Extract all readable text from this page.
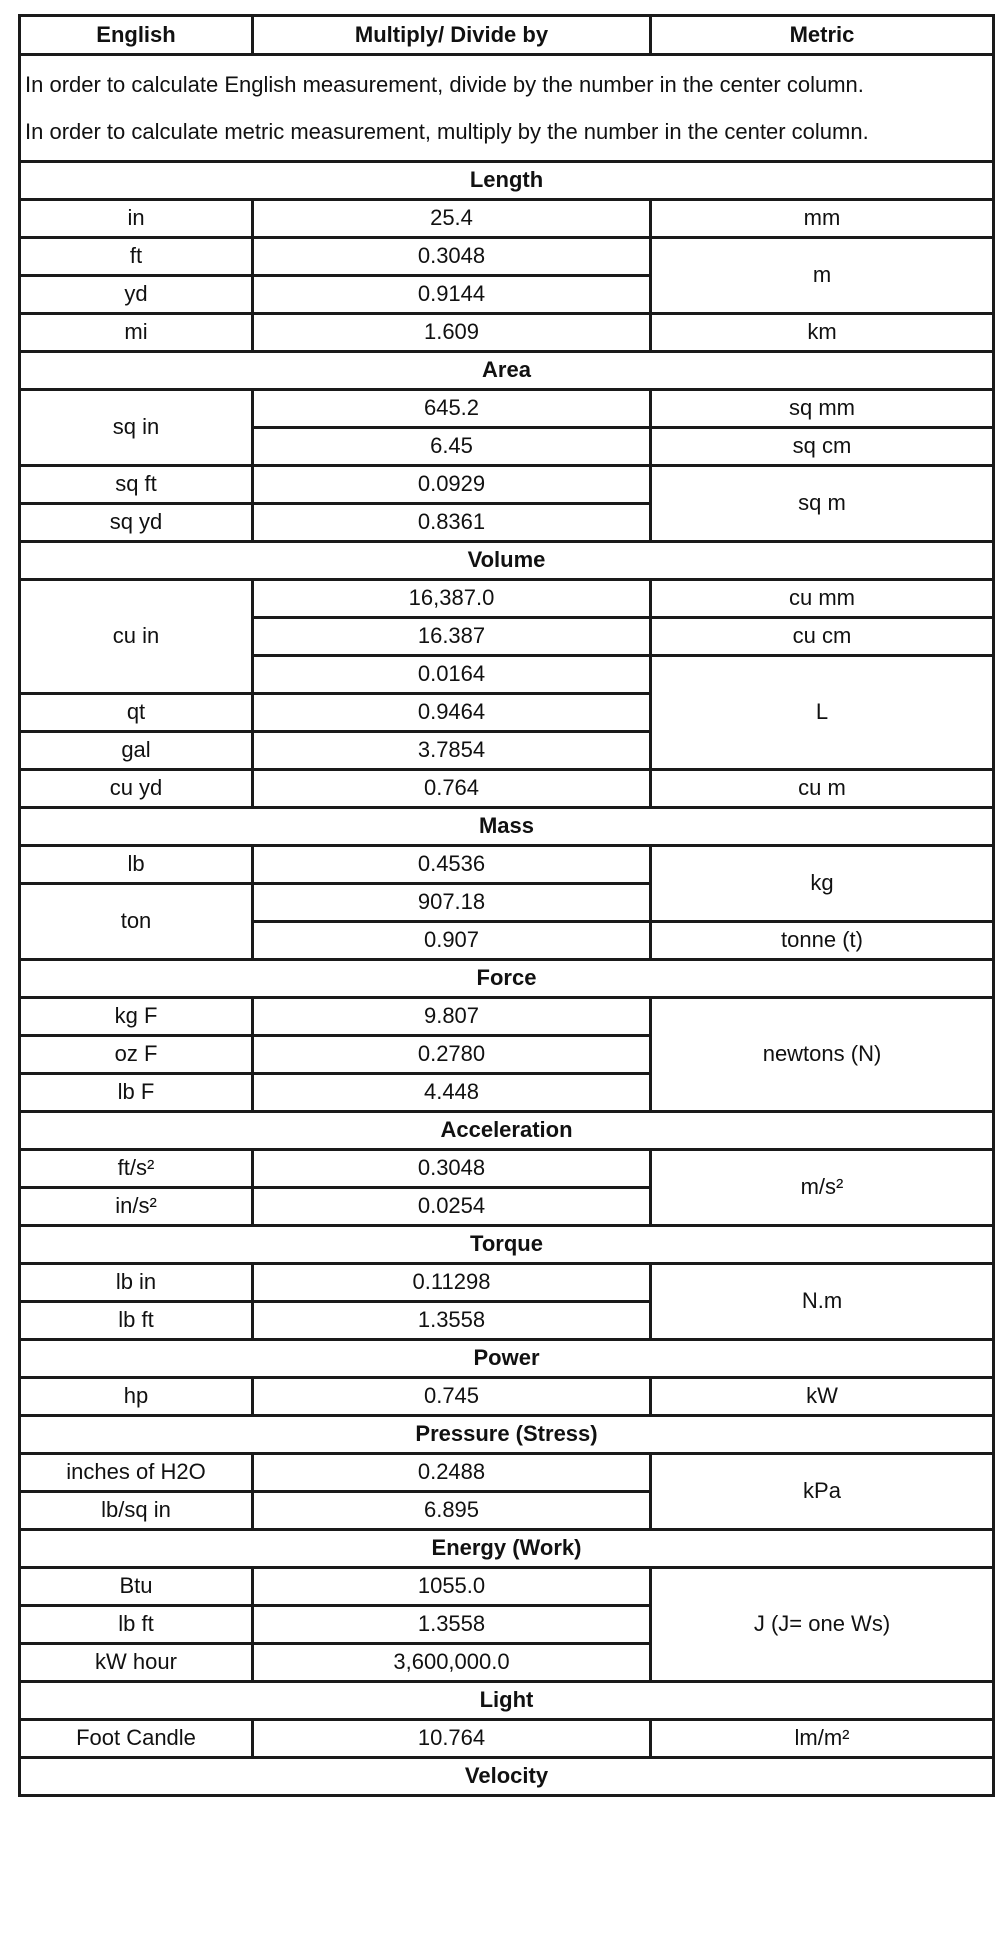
English	Multiply/ Divide by	Metric

In order to calculate English measurement, divide by the number in the center column.

In order to calculate metric measurement, multiply by the number in the center column.		

Length		
in	25.4	mm
ft	0.3048	m
yd	0.9144	
mi	1.609	km
Area		
sq in	645.2	sq mm
	6.45	sq cm
sq ft	0.0929	sq m
sq yd	0.8361	
Volume		
cu in	16,387.0	cu mm
	16.387	cu cm
	0.0164	L
qt	0.9464	
gal	3.7854	
cu yd	0.764	cu m
Mass		
lb	0.4536	kg
ton	907.18	
	0.907	tonne (t)
Force		
kg F	9.807	newtons (N)
oz F	0.2780	
lb F	4.448	
Acceleration		
ft/s²	0.3048	m/s²
in/s²	0.0254	
Torque		
lb in	0.11298	N.m
lb ft	1.3558	
Power		
hp	0.745	kW
Pressure (Stress)		
inches of H2O	0.2488	kPa
lb/sq in	6.895	
Energy (Work)		
Btu	1055.0	J (J= one Ws)
lb ft	1.3558	
kW hour	3,600,000.0	
Light		
Foot Candle	10.764	lm/m²
Velocity		
